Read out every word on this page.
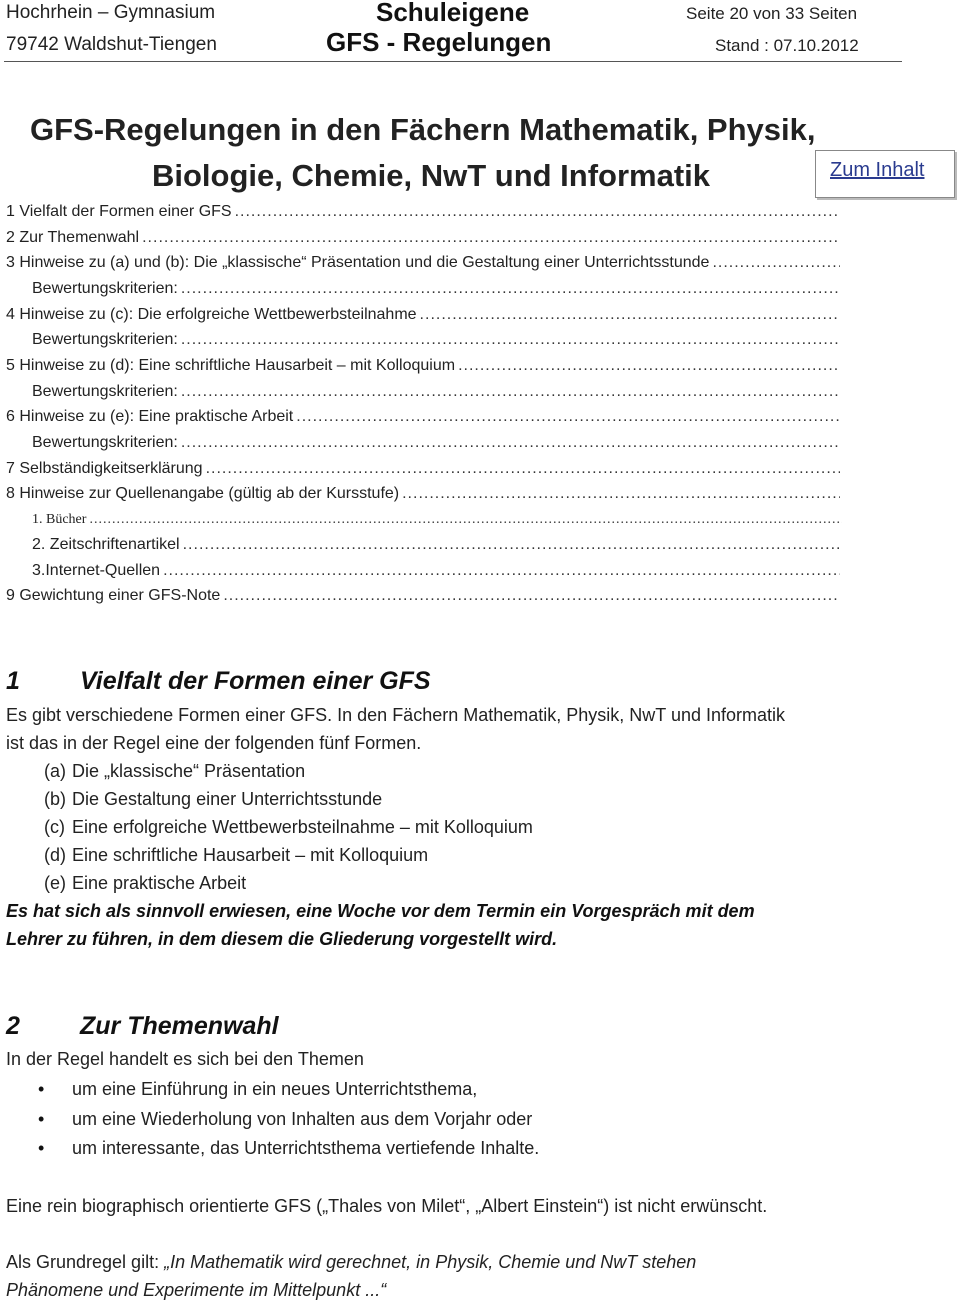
Hochrhein – Gymnasium
79742 Waldshut-Tiengen
Schuleigene
GFS - Regelungen
Seite 20 von 33 Seiten
Stand : 07.10.2012
GFS-Regelungen in den Fächern Mathematik, Physik,
Biologie, Chemie, NwT und Informatik	Zum Inhalt
1 Vielfalt der Formen einer GFS
.....
2 Zur Themenwahl
.....
3 Hinweise zu (a) und (b): Die „klassische“ Präsentation und die Gestaltung einer Unterrichtsstunde
.....
Bewertungskriterien:
.....
4 Hinweise zu (c): Die erfolgreiche Wettbewerbsteilnahme
.....
Bewertungskriterien:
.....
5 Hinweise zu (d): Eine schriftliche Hausarbeit – mit Kolloquium
.....
Bewertungskriterien:
.....
6 Hinweise zu (e): Eine praktische Arbeit
.....
Bewertungskriterien:
.....
7 Selbständigkeitserklärung
.....
8 Hinweise zur Quellenangabe (gültig ab der Kursstufe)
.....
1. Bücher
.....
2. Zeitschriftenartikel
.....
3.Internet-Quellen
.....
9 Gewichtung einer GFS-Note
.....
1 Vielfalt der Formen einer GFS
Es gibt verschiedene Formen einer GFS. In den Fächern Mathematik, Physik, NwT und Informatik
ist das in der Regel eine der folgenden fünf Formen.
(a) Die „klassische“ Präsentation
(b) Die Gestaltung einer Unterrichtsstunde
(c) Eine erfolgreiche Wettbewerbsteilnahme – mit Kolloquium
(d) Eine schriftliche Hausarbeit – mit Kolloquium
(e) Eine praktische Arbeit
Es hat sich als sinnvoll erwiesen, eine Woche vor dem Termin ein Vorgespräch mit dem
Lehrer zu führen, in dem diesem die Gliederung vorgestellt wird.
2 Zur Themenwahl
In der Regel handelt es sich bei den Themen
• um eine Einführung in ein neues Unterrichtsthema,
• um eine Wiederholung von Inhalten aus dem Vorjahr oder
• um interessante, das Unterrichtsthema vertiefende Inhalte.
Eine rein biographisch orientierte GFS („Thales von Milet“, „Albert Einstein“) ist nicht erwünscht.
Als Grundregel gilt: „In Mathematik wird gerechnet, in Physik, Chemie und NwT stehen
Phänomene und Experimente im Mittelpunkt ...“
